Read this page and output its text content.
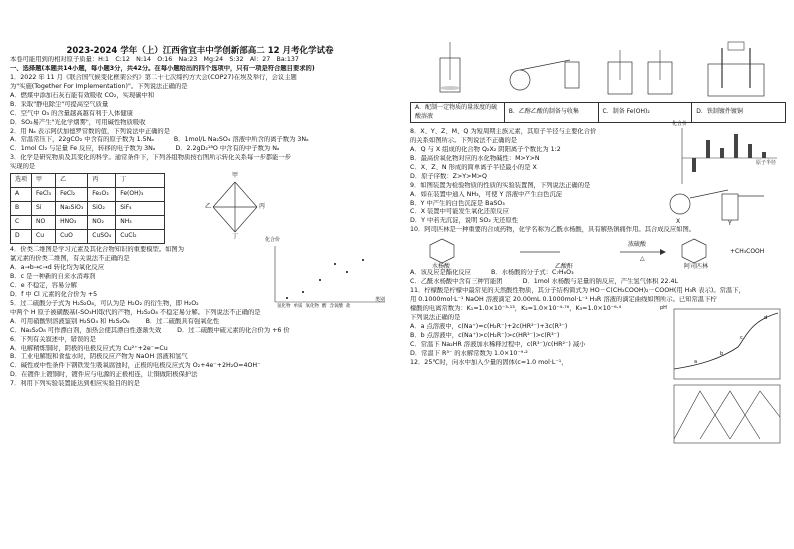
2023-2024 学年（上）江西省宜丰中学创新部高二 12 月考化学试卷
本卷可能用到的相对原子质量：H:1　C:12　N:14　O:16　Na:23　Mg:24　S:32　Al：27　Ba:137
一、选择题(本题共14小题，每小题3分，共42分。在每小题给出的四个选项中，只有一项是符合题目要求的)
1．2022 年 11 月《联合国气候变化框架公约》第二十七次缔约方大会(COP27)在埃及举行，会议主题
为"实施(Together For Implementation)"。下列说法正确的是
A．燃煤中添加石灰石能有效吸收 CO₂，实现碳中和
B．采取"静电除尘"可提高空气质量
C．空气中 O₃ 的含量越高越有利于人体健康
D．SO₂易产生"光化学烟雾"，可用碱性物质吸收
2．用 Nₐ 表示阿伏加德罗常数的值，下列说法中正确的是
A．常温常压下，22gCO₂ 中含有的原子数为 1.5Nₐ	B．1mol/L Na₂SO₄ 溶液中所含的离子数为 3Nₐ
C．1mol Cl₂ 与足量 Fe 反应，转移的电子数为 3Nₐ	D．2.2gD₂¹⁸O 中含有的中子数为 Nₐ
3．化学是研究物质及其变化的科学。通常条件下，下列各组物质按右图所示转化关系每一步都能一步
实现的是
选项	甲	乙	丙	丁
A	FeCl₃	FeCl₂	Fe₂O₃	Fe(OH)₃
B	Si	Na₂SiO₃	SiO₂	SiF₄
C	NO	HNO₃	NO₂	NH₃
D	Cu	CuO	CuSO₄	CuCl₂
甲
乙	丙
丁
4．价类二维图是学习元素及其化合物知识的重要模型。如图为
氯元素的价类二维图，有关说法不正确的是
A．a→b→c→d 转化均为氧化反应
B．c 是一种新的自来水消毒剂
C．e 不稳定，容易分解
D．f 中 Cl 元素的化合价为 +5
化合价
类别
氢化物 单质 氧化物 酸 含氧酸 盐
5．过二硫酸分子式为 H₂S₂O₈，可认为是 H₂O₂ 的衍生物，即 H₂O₂
中两个 H 原子被磺酸基(-SO₃H)取代的产物，H₂S₂O₈ 不稳定易分解。下列说法不正确的是
A．可用硝酸钡溶液鉴别 H₂SO₄ 和 H₂S₂O₈	B．过二硫酸具有强氧化性
C．Na₂S₂O₈ 可作漂白剂，加热会使其漂白性逐渐失效	D．过二硫酸中硫元素的化合价为 +6 价
6．下列有关叙述中，错误的是
A．电解精炼铜时，阴极的电极反应式为 Cu²⁺+2e⁻=Cu
B．工业电解饱和食盐水时，阴极反应产物为 NaOH 溶液和氢气
C．碱性或中性条件下钢铁发生吸氧腐蚀时，正极的电极反应式为 O₂+4e⁻+2H₂O=4OH⁻
D．在镀件上镀铜时，镀件应与电源的正极相连，让铜做阳极保护法
7．利用下列实验装置能达到相应实验目的的是
A．配制一定物质的量浓度的硫酸溶液	B．乙醇乙酸的制备与收集	C．制备 Fe(OH)₂	D．铁制镀件镀铜
8．X、Y、Z、M、Q 为短周期主族元素，其原子半径与主要化合价
的关系如图所示。下列说法不正确的是
A．Q 与 X 组成的化合物 Q₂X₂ 阴阳离子个数比为 1:2
B．最高价氧化物对应的水化物碱性：M>Y>N
C．X、Z、N 形成的简单离子半径最小的是 X
D．原子序数：Z>Y>M>Q
化合价
原子半径
9．如图装置为检验物质的性质的实验装置图，下列说法正确的是
A．如在装置中通入 NH₃，可使 Y 溶液中产生白色沉淀
B．Y 中产生的白色沉淀是 BaSO₃
C．X 装置中可能发生氧化还原反应
D．Y 中若无沉淀，说明 SO₂ 无还原性	X	Y
10．阿司匹林是一种重要的合成药物，化学名称为乙酰水杨酸，具有解热镇痛作用。其合成反应如图。
水杨酸	乙酸酐
浓硫酸
△
阿司匹林
+CH₃COOH
A．该反应是酯化反应	B．水杨酸的分子式：C₇H₆O₃
C．乙酰水杨酸中含有三种官能团	D．1mol 水杨酸与足量的钠反应，产生氢气体积 22.4L
11．柠檬酸是柠檬中最常见的天然酸性物质，其分子结构简式为 HO－C(CH₂COOH)₂－COOH(用 H₃R 表示)。常温下，
用 0.1000mol·L⁻¹ NaOH 溶液滴定 20.00mL 0.1000mol·L⁻¹ H₃R 溶液的滴定曲线如图所示。已知常温下柠
檬酸的电离常数为：K₁=1.0×10⁻³·¹³，K₂=1.0×10⁻⁴·⁷⁶，K₃=1.0×10⁻⁶·⁴
下列说法正确的是
A．a 点溶液中，c(Na⁺)=c(H₂R⁻)+2c(HR²⁻)+3c(R³⁻)
B．b 点溶液中，c(Na⁺)>c(H₂R⁻)>c(HR²⁻)>c(R³⁻)
C．常温下 Na₂HR 溶液加水稀释过程中，c(R³⁻)/c(HR²⁻) 减小
D．常温下 R³⁻ 的水解常数为 1.0×10⁻⁹·²
12．25℃时，向水中加入少量的固体(c=1.0 mol·L⁻¹，
pH
a
b
c
d
